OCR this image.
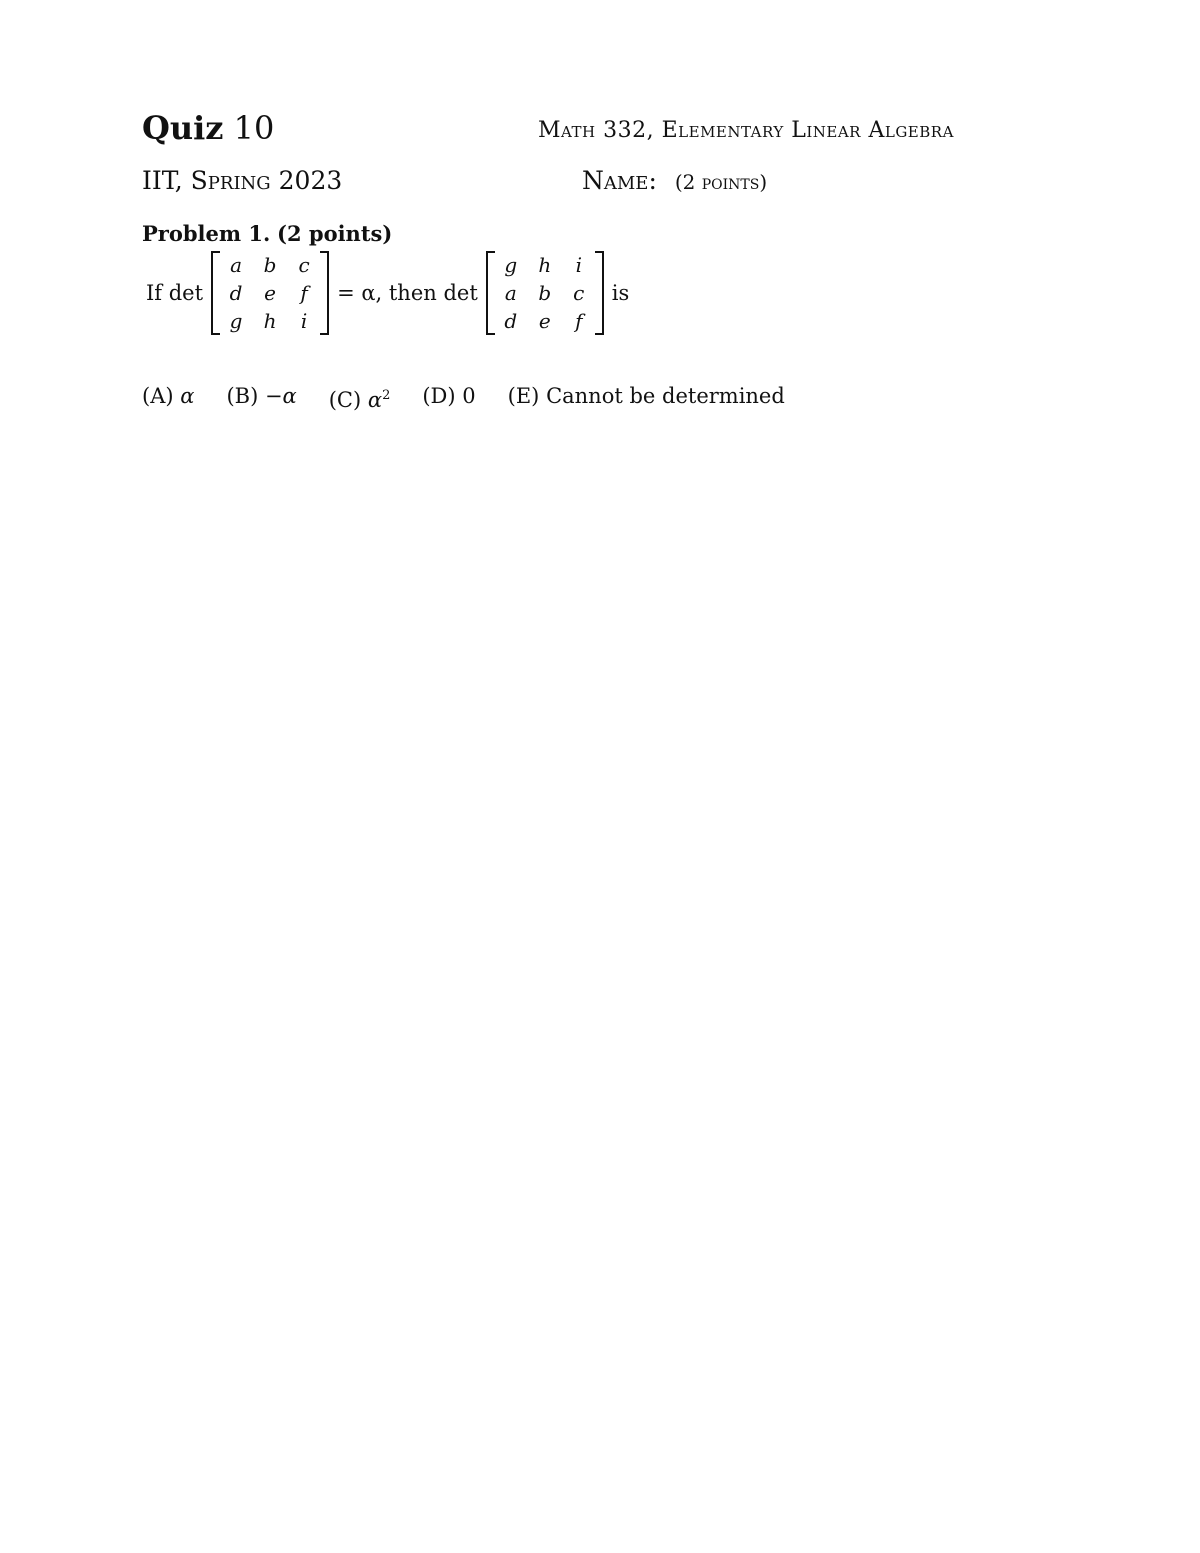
Quiz 10	Math 332, Elementary Linear Algebra
IIT, Spring 2023	Name: (2 points)
Problem 1. (2 points)
If det
a	b	c
d	e	f
g	h	i
= α, then det
g	h	i
a	b	c
d	e	f
is
(A) α (B) −α (C) $\alpha^2$ (D) 0 (E) Cannot be determined
